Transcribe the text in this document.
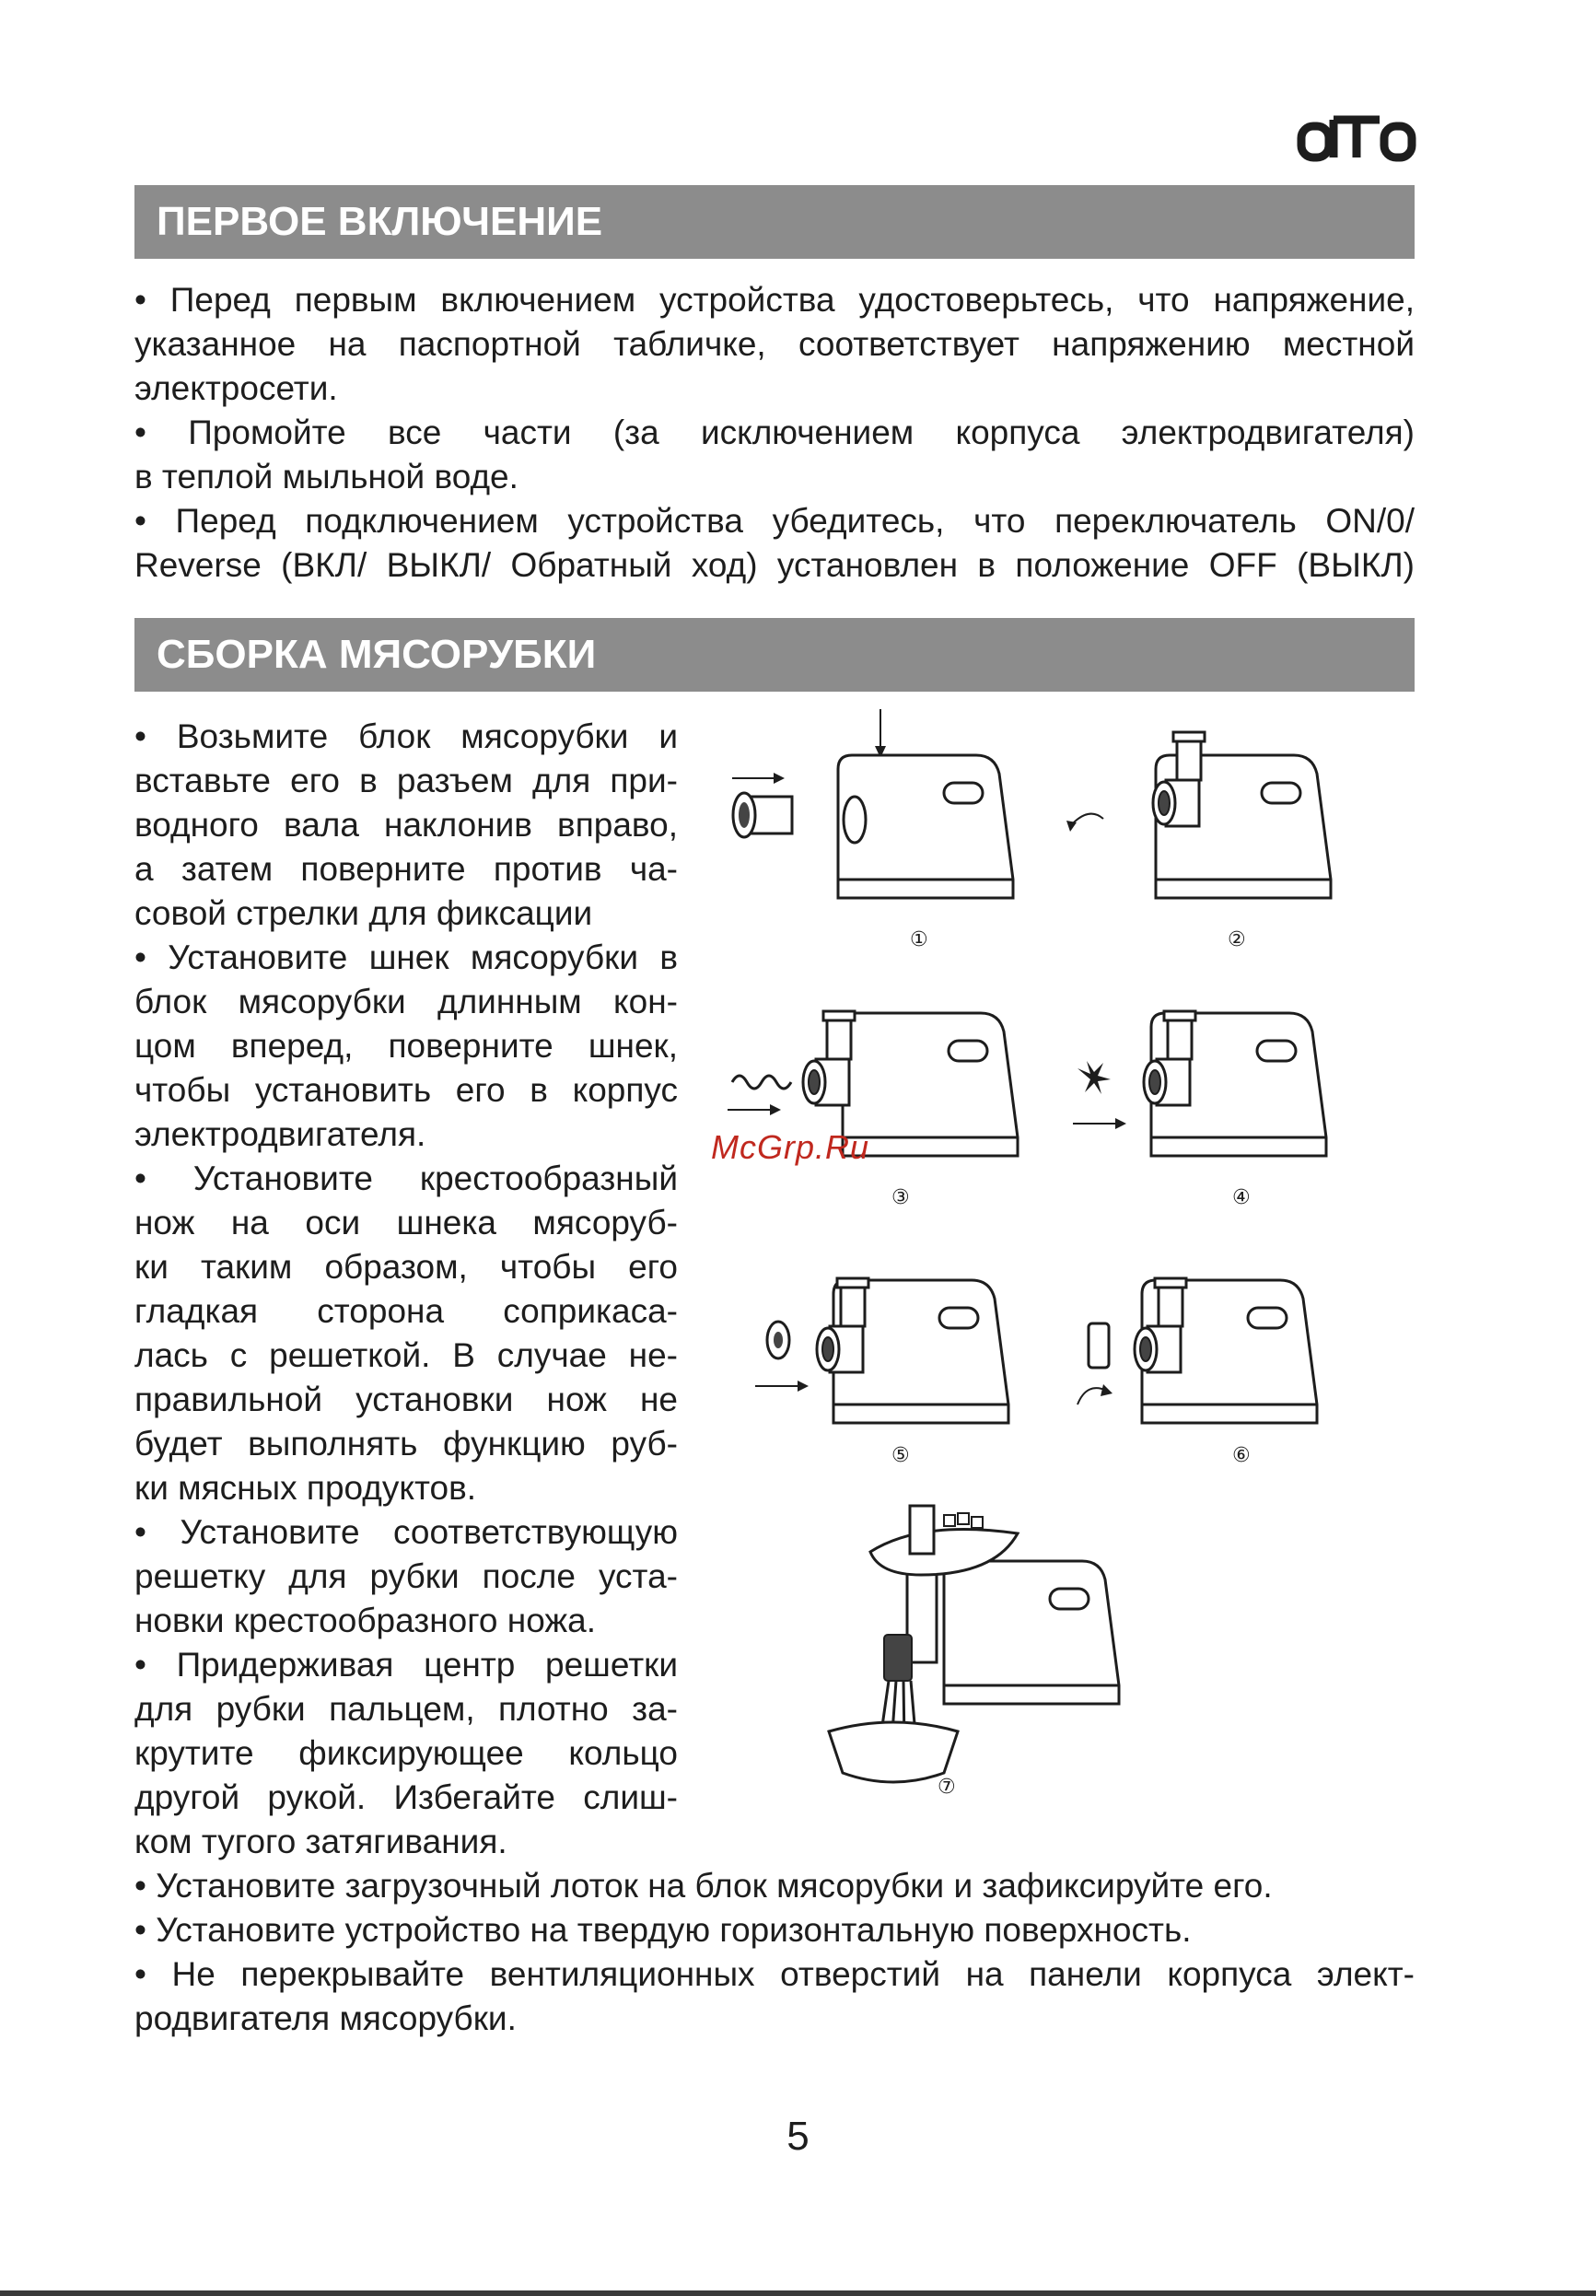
ПЕРВОЕ ВКЛЮЧЕНИЕ

• Перед первым включением устройства удостоверьтесь, что напряжение,

указанное на паспортной табличке, соответствует напряжению местной

электросети.

• Промойте все части (за исключением корпуса электродвигателя)

в теплой мыльной воде.

• Перед подключением устройства убедитесь, что переключатель ON/0/

Reverse (ВКЛ/ ВЫКЛ/ Обратный ход) установлен в положение OFF (ВЫКЛ)

СБОРКА МЯСОРУБКИ

• Возьмите блок мясорубки и

вставьте его в разъем для при-

водного вала наклонив вправо,

а затем поверните против ча-

совой стрелки для фиксации

• Установите шнек мясорубки в

блок мясорубки длинным кон-

цом вперед, поверните шнек,

чтобы установить его в корпус

электродвигателя.

• Установите крестообразный

нож на оси шнека мясоруб-

ки таким образом, чтобы его

гладкая сторона соприкаса-

лась с решеткой. В случае не-

правильной установки нож не

будет выполнять функцию руб-

ки мясных продуктов.

• Установите соответствующую

решетку для рубки после уста-

новки крестообразного ножа.

• Придерживая центр решетки

для рубки пальцем, плотно за-

крутите фиксирующее кольцо

другой рукой. Избегайте слиш-

ком тугого затягивания.

• Установите загрузочный лоток на блок мясорубки и зафиксируйте его.

• Установите устройство на твердую горизонтальную поверхность.

• Не перекрывайте вентиляционных отверстий на панели корпуса элект-

родвигателя мясорубки.

①	②
③	④
⑤	⑥
⑦
McGrp.Ru
5
